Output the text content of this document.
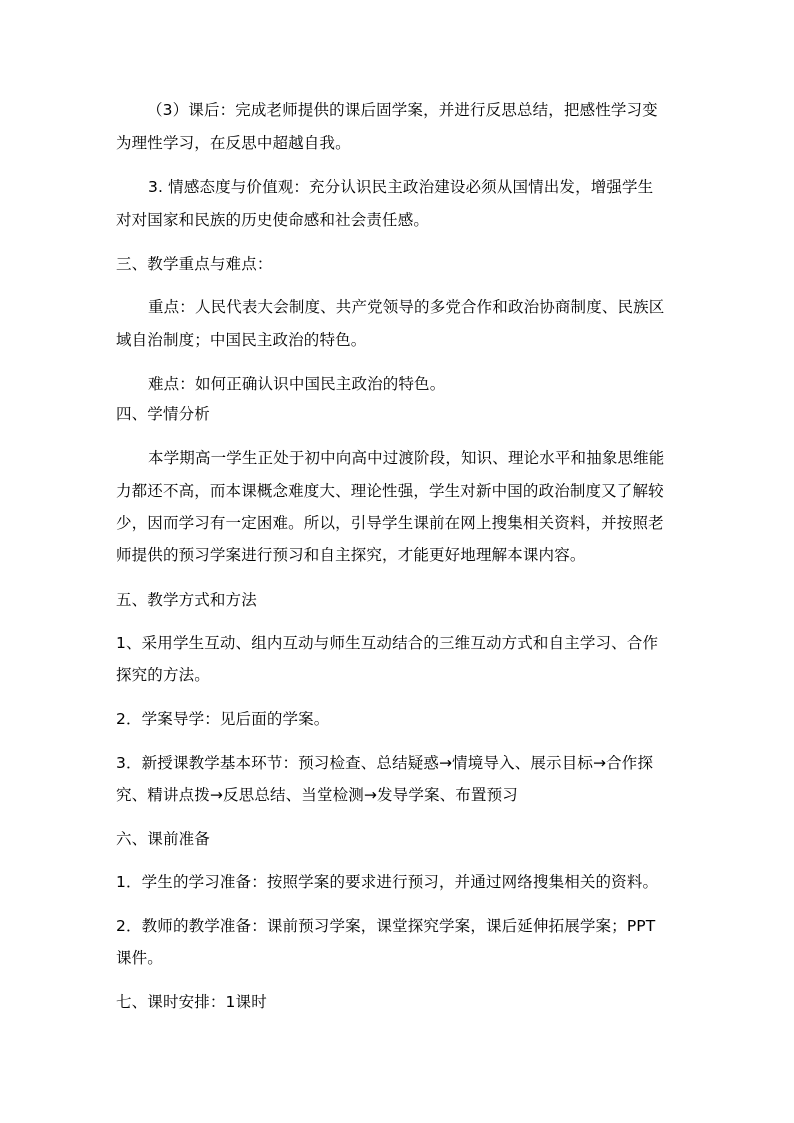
（3）课后：完成老师提供的课后固学案，并进行反思总结，把感性学习变
为理性学习，在反思中超越自我。
3. 情感态度与价值观：充分认识民主政治建设必须从国情出发，增强学生
对对国家和民族的历史使命感和社会责任感。
三、教学重点与难点：
重点：人民代表大会制度、共产党领导的多党合作和政治协商制度、民族区
域自治制度；中国民主政治的特色。
难点：如何正确认识中国民主政治的特色。
四、学情分析
本学期高一学生正处于初中向高中过渡阶段，知识、理论水平和抽象思维能
力都还不高，而本课概念难度大、理论性强，学生对新中国的政治制度又了解较
少，因而学习有一定困难。所以，引导学生课前在网上搜集相关资料，并按照老
师提供的预习学案进行预习和自主探究，才能更好地理解本课内容。
五、教学方式和方法
1、采用学生互动、组内互动与师生互动结合的三维互动方式和自主学习、合作
探究的方法。
2．学案导学：见后面的学案。
3．新授课教学基本环节：预习检查、总结疑惑→情境导入、展示目标→合作探
究、精讲点拨→反思总结、当堂检测→发导学案、布置预习
六、课前准备
1．学生的学习准备：按照学案的要求进行预习，并通过网络搜集相关的资料。
2．教师的教学准备：课前预习学案，课堂探究学案，课后延伸拓展学案；PPT
课件。
七、课时安排：1课时
